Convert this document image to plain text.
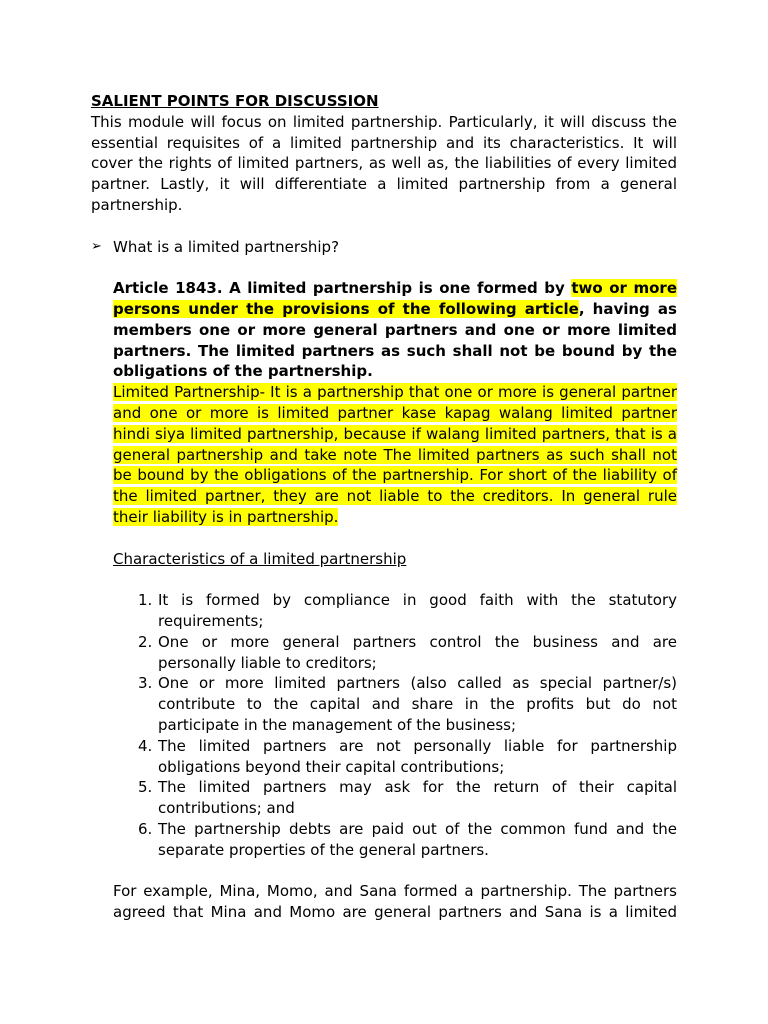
SALIENT POINTS FOR DISCUSSION

This module will focus on limited partnership. Particularly, it will discuss the essential requisites of a limited partnership and its characteristics. It will cover the rights of limited partners, as well as, the liabilities of every limited partner. Lastly, it will differentiate a limited partnership from a general partnership.

➢ What is a limited partnership?

Article 1843. A limited partnership is one formed by two or more persons under the provisions of the following article, having as members one or more general partners and one or more limited partners. The limited partners as such shall not be bound by the obligations of the partnership.

Limited Partnership- It is a partnership that one or more is general partner and one or more is limited partner kase kapag walang limited partner hindi siya limited partnership, because if walang limited partners, that is a general partnership and take note The limited partners as such shall not be bound by the obligations of the partnership. For short of the liability of the limited partner, they are not liable to the creditors. In general rule their liability is in partnership.

Characteristics of a limited partnership
1. It is formed by compliance in good faith with the statutory requirements;
2. One or more general partners control the business and are personally liable to creditors;
3. One or more limited partners (also called as special partner/s) contribute to the capital and share in the profits but do not participate in the management of the business;
4. The limited partners are not personally liable for partnership obligations beyond their capital contributions;
5. The limited partners may ask for the return of their capital contributions; and
6. The partnership debts are paid out of the common fund and the separate properties of the general partners.

For example, Mina, Momo, and Sana formed a partnership. The partners agreed that Mina and Momo are general partners and Sana is a limited
